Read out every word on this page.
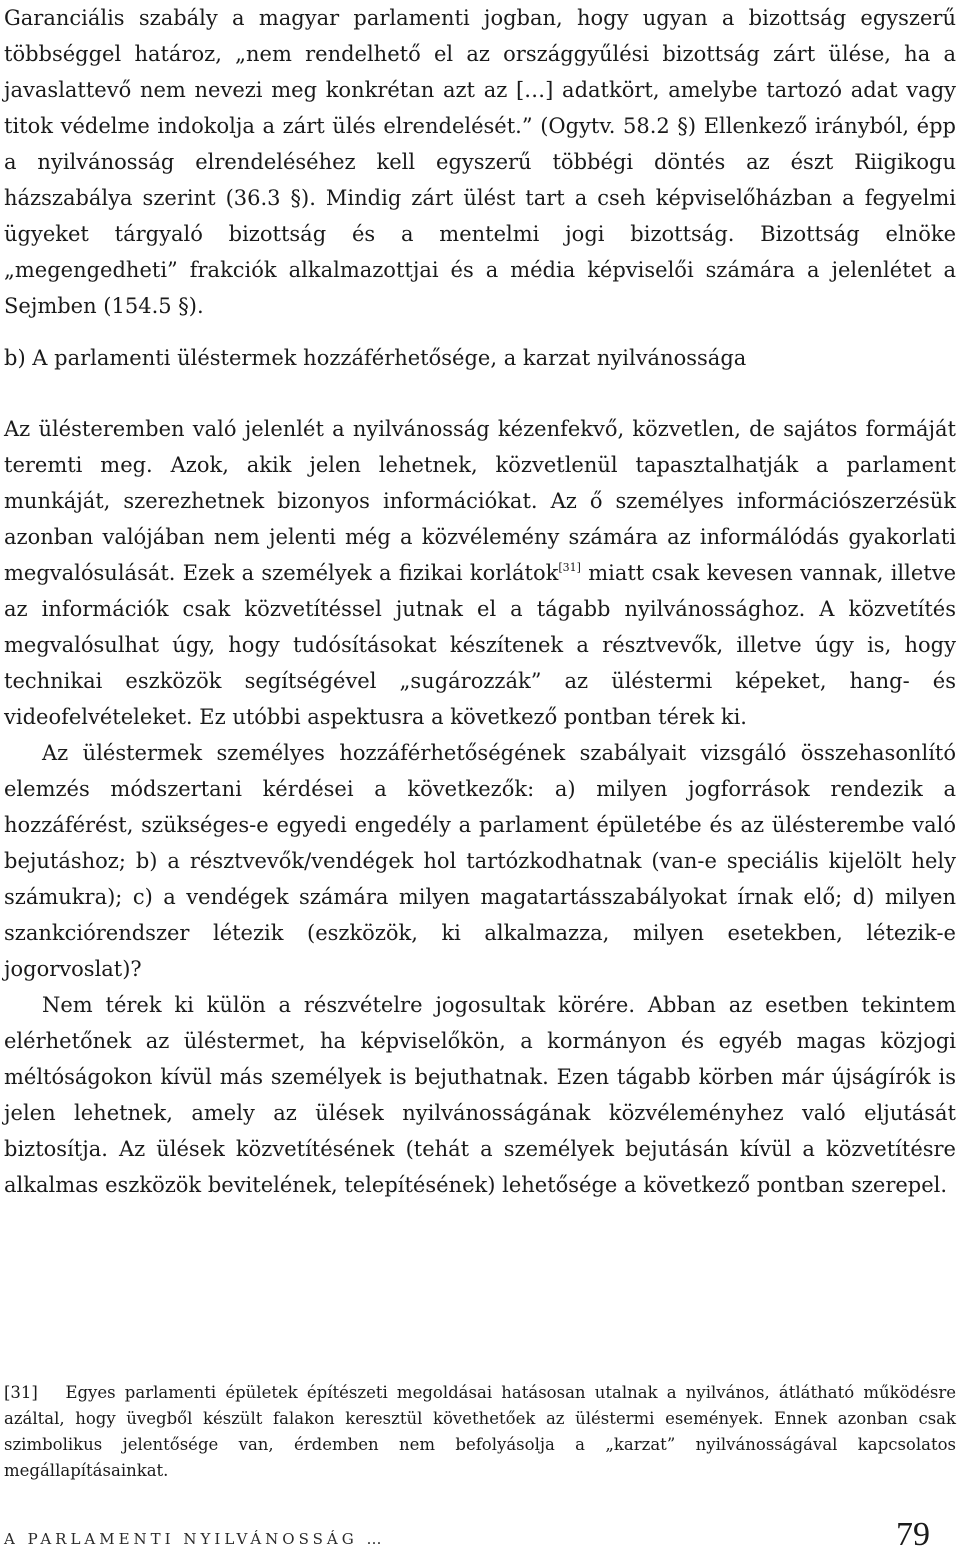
Garanciális szabály a magyar parlamenti jogban, hogy ugyan a bizottság egyszerű többséggel határoz, „nem rendelhető el az országgyűlési bizottság zárt ülése, ha a javaslattevő nem nevezi meg konkrétan azt az […] adatkört, amelybe tartozó adat vagy titok védelme indokolja a zárt ülés elrendelését.” (Ogytv. 58.2 §) Ellenkező irányból, épp a nyilvánosság elrendeléséhez kell egyszerű többégi döntés az észt Riigikogu házszabálya szerint (36.3 §). Mindig zárt ülést tart a cseh képviselőházban a fegyelmi ügyeket tárgyaló bizottság és a mentelmi jogi bizottság. Bizottság elnöke „megengedheti” frakciók alkalmazottjai és a média képviselői számára a jelenlétet a Sejmben (154.5 §).

b) A parlamenti üléstermek hozzáférhetősége, a karzat nyilvánossága

Az ülésteremben való jelenlét a nyilvánosság kézenfekvő, közvetlen, de sajátos formáját teremti meg. Azok, akik jelen lehetnek, közvetlenül tapasztalhatják a parlament munkáját, szerezhetnek bizonyos információkat. Az ő személyes információszerzésük azonban valójában nem jelenti még a közvélemény számára az informálódás gyakorlati megvalósulását. Ezek a személyek a fizikai korlátok[31] miatt csak kevesen vannak, illetve az információk csak közvetítéssel jutnak el a tágabb nyilvánossághoz. A közvetítés megvalósulhat úgy, hogy tudósításokat készítenek a résztvevők, illetve úgy is, hogy technikai eszközök segítségével „sugározzák” az üléstermi képeket, hang- és videofelvételeket. Ez utóbbi aspektusra a következő pontban térek ki.

Az üléstermek személyes hozzáférhetőségének szabályait vizsgáló összehasonlító elemzés módszertani kérdései a következők: a) milyen jogforrások rendezik a hozzáférést, szükséges-e egyedi engedély a parlament épületébe és az ülésterembe való bejutáshoz; b) a résztvevők/vendégek hol tartózkodhatnak (van-e speciális kijelölt hely számukra); c) a vendégek számára milyen magatartásszabályokat írnak elő; d) milyen szankciórendszer létezik (eszközök, ki alkalmazza, milyen esetekben, létezik-e jogorvoslat)?

Nem térek ki külön a részvételre jogosultak körére. Abban az esetben tekintem elérhetőnek az üléstermet, ha képviselőkön, a kormányon és egyéb magas közjogi méltóságokon kívül más személyek is bejuthatnak. Ezen tágabb körben már újságírók is jelen lehetnek, amely az ülések nyilvánosságának közvéleményhez való eljutását biztosítja. Az ülések közvetítésének (tehát a személyek bejutásán kívül a közvetítésre alkalmas eszközök bevitelének, telepítésének) lehetősége a következő pontban szerepel.

[31] Egyes parlamenti épületek építészeti megoldásai hatásosan utalnak a nyilvános, átlátható működésre azáltal, hogy üvegből készült falakon keresztül követhetőek az üléstermi események. Ennek azonban csak szimbolikus jelentősége van, érdemben nem befolyásolja a „karzat” nyilvánosságával kapcsolatos megállapításainkat.

A PARLAMENTI NYILVÁNOSSÁG …	79
